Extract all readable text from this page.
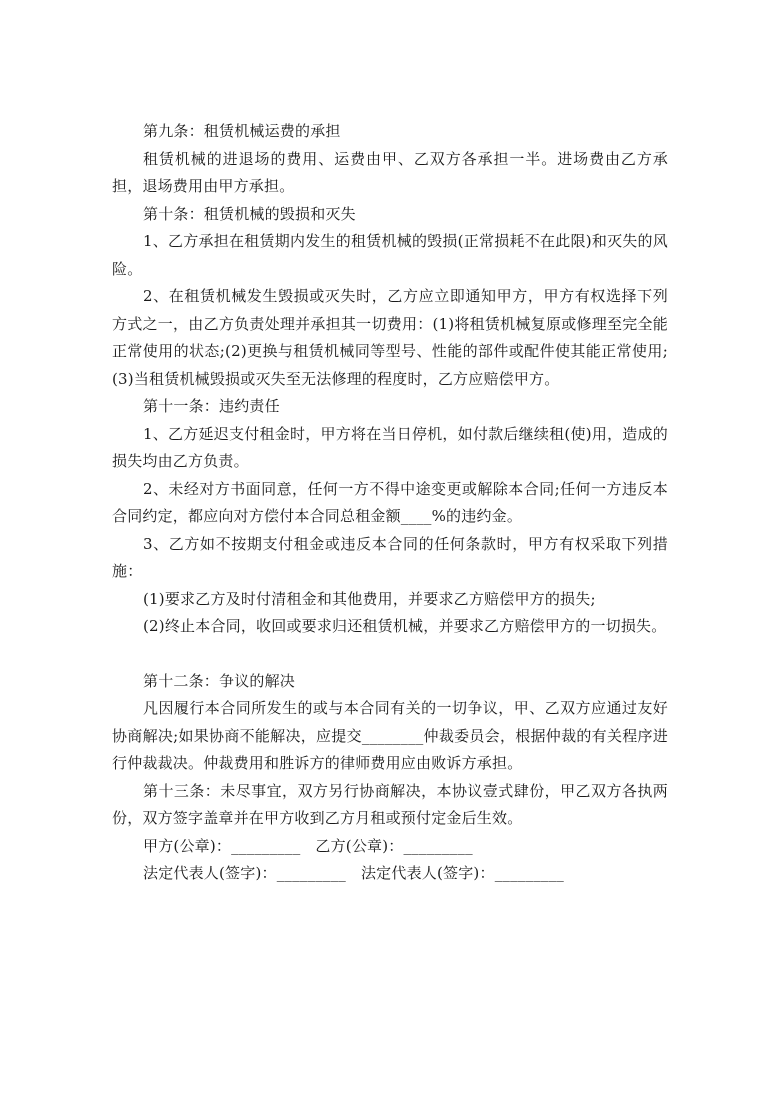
第九条：租赁机械运费的承担

租赁机械的进退场的费用、运费由甲、乙双方各承担一半。进场费由乙方承担，退场费用由甲方承担。

第十条：租赁机械的毁损和灭失

1、乙方承担在租赁期内发生的租赁机械的毁损(正常损耗不在此限)和灭失的风险。

2、在租赁机械发生毁损或灭失时，乙方应立即通知甲方，甲方有权选择下列方式之一，由乙方负责处理并承担其一切费用：(1)将租赁机械复原或修理至完全能正常使用的状态;(2)更换与租赁机械同等型号、性能的部件或配件使其能正常使用;(3)当租赁机械毁损或灭失至无法修理的程度时，乙方应赔偿甲方。

第十一条：违约责任

1、乙方延迟支付租金时，甲方将在当日停机，如付款后继续租(使)用，造成的损失均由乙方负责。

2、未经对方书面同意，任何一方不得中途变更或解除本合同;任何一方违反本合同约定，都应向对方偿付本合同总租金额____%的违约金。

3、乙方如不按期支付租金或违反本合同的任何条款时，甲方有权采取下列措施：

(1)要求乙方及时付清租金和其他费用，并要求乙方赔偿甲方的损失;

(2)终止本合同，收回或要求归还租赁机械，并要求乙方赔偿甲方的一切损失。

第十二条：争议的解决

凡因履行本合同所发生的或与本合同有关的一切争议，甲、乙双方应通过友好协商解决;如果协商不能解决，应提交________仲裁委员会，根据仲裁的有关程序进行仲裁裁决。仲裁费用和胜诉方的律师费用应由败诉方承担。

第十三条：未尽事宜，双方另行协商解决，本协议壹式肆份，甲乙双方各执两份，双方签字盖章并在甲方收到乙方月租或预付定金后生效。

甲方(公章)：_________ 乙方(公章)：_________

法定代表人(签字)：_________ 法定代表人(签字)：_________
